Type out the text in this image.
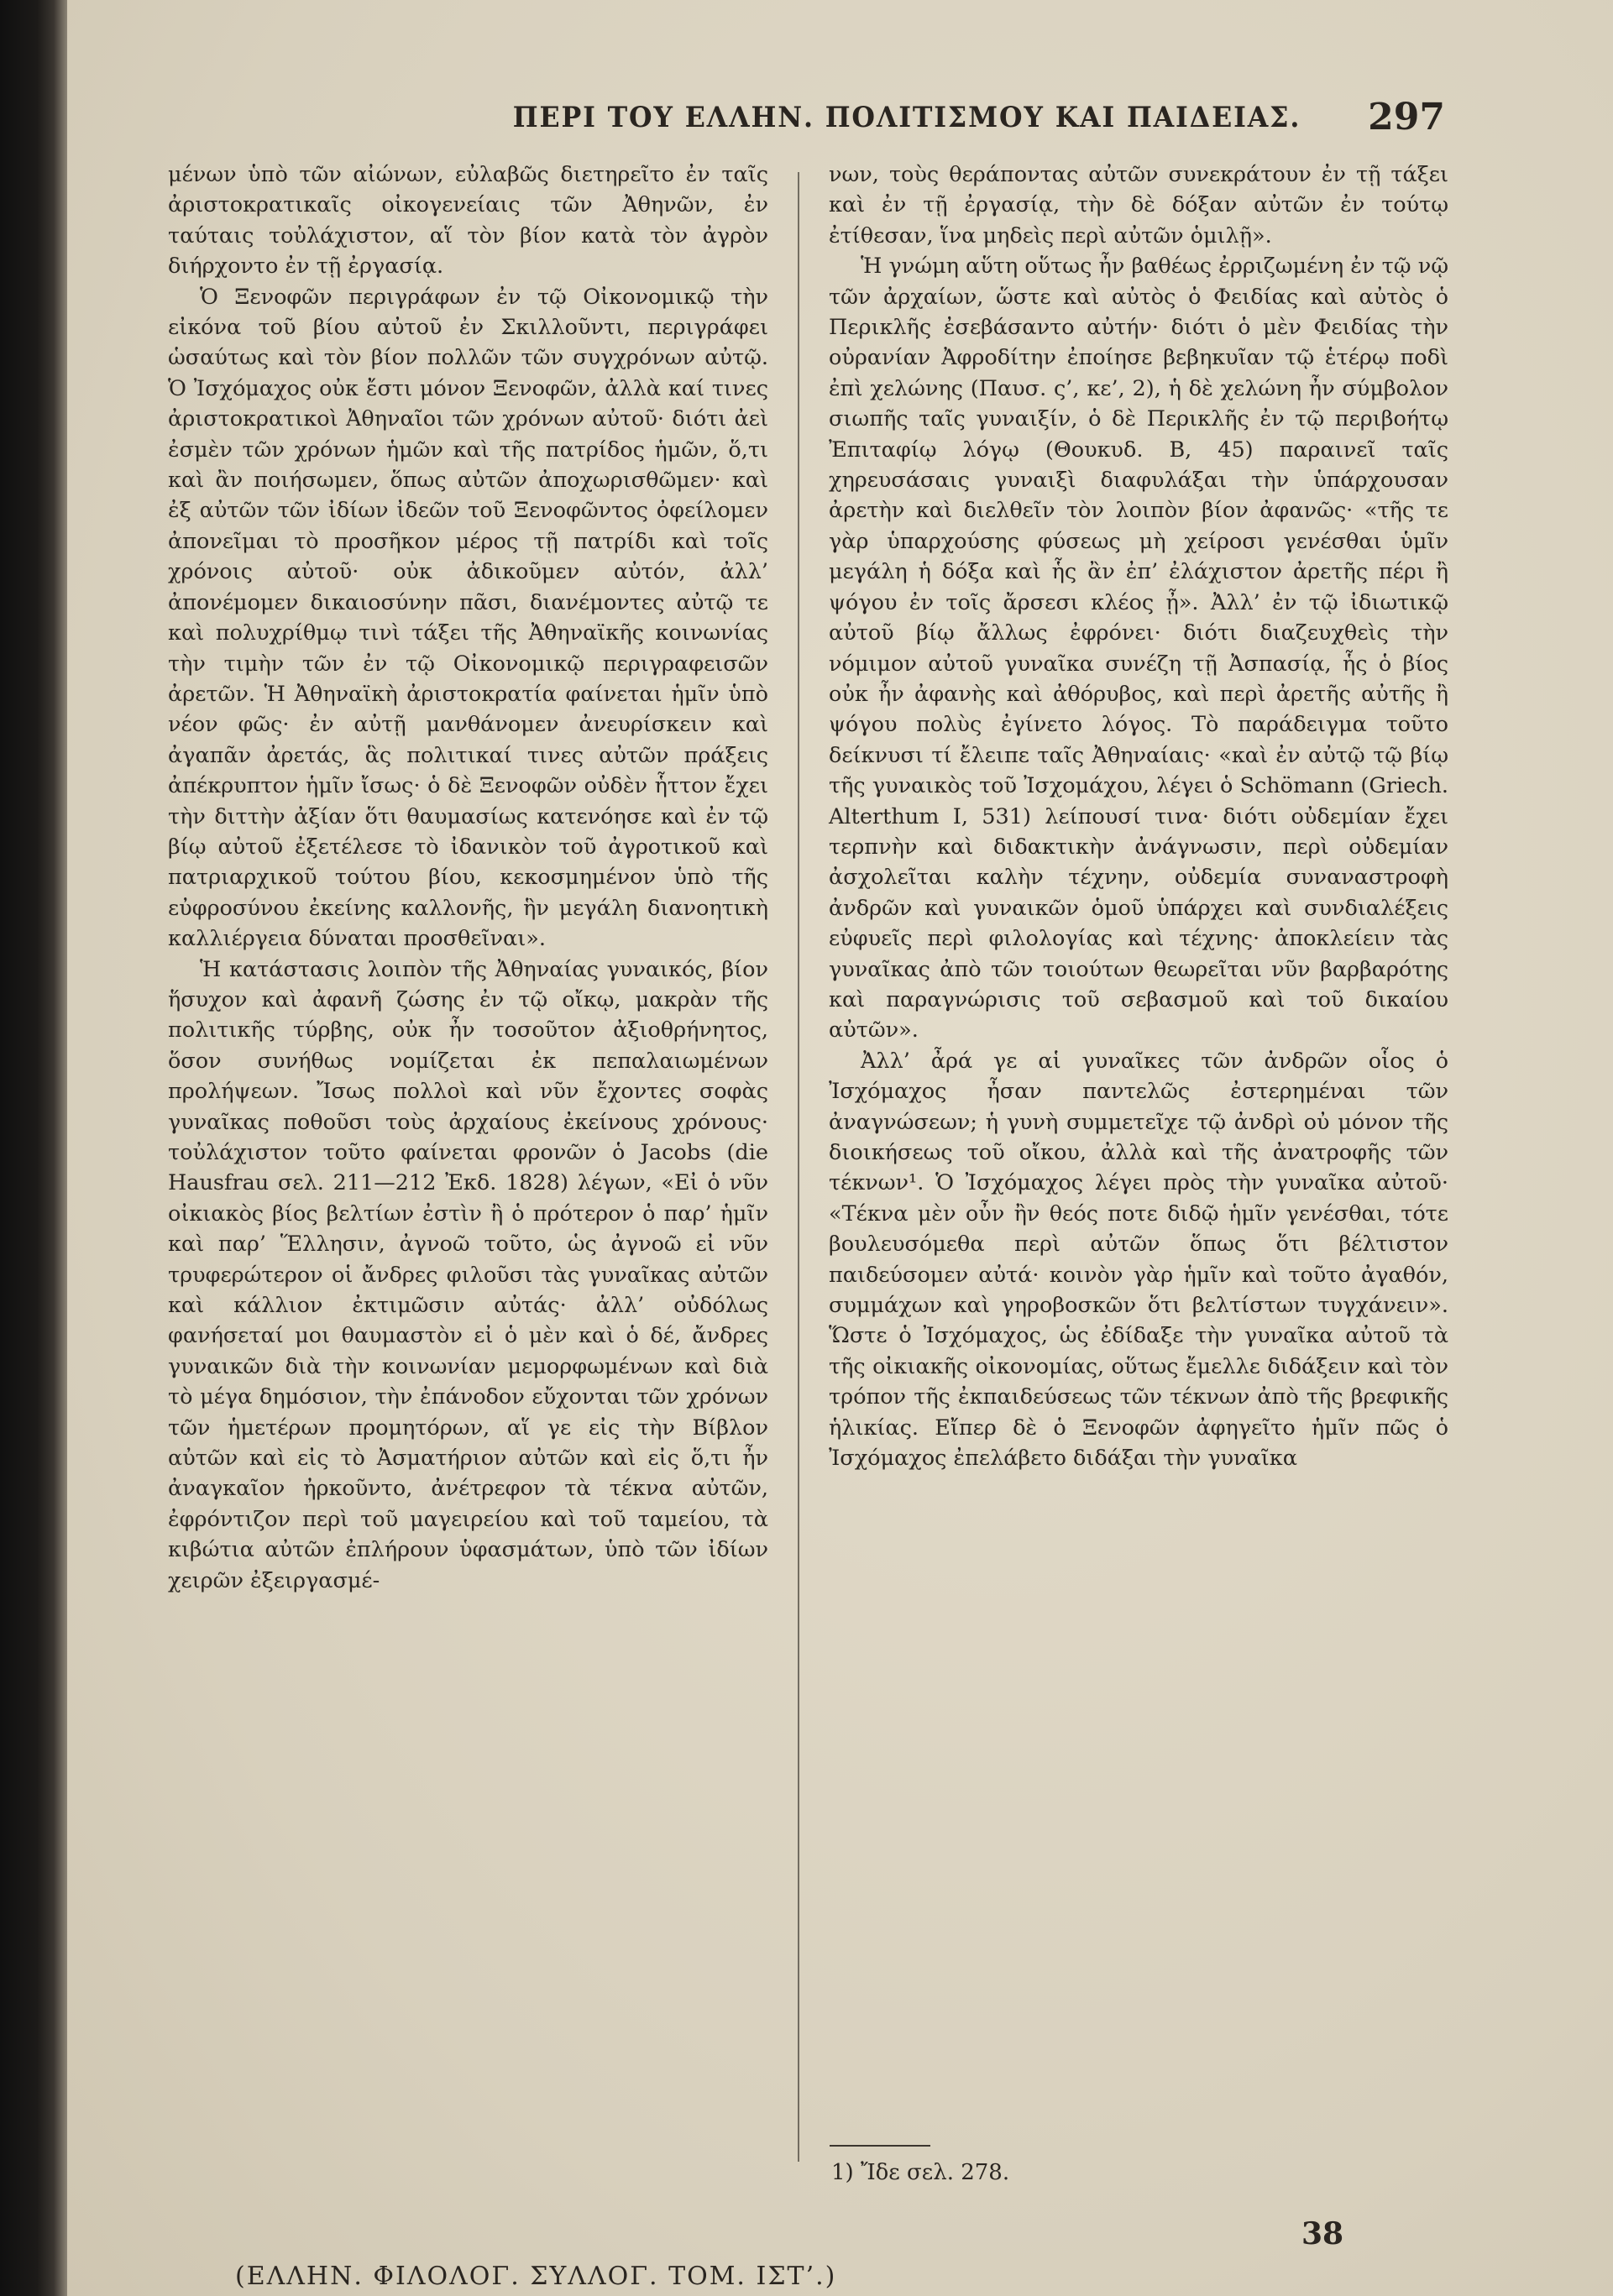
ΠΕΡΙ ΤΟΥ ΕΛΛΗΝ. ΠΟΛΙΤΙΣΜΟΥ ΚΑΙ ΠΑΙΔΕΙΑΣ.	297

μένων ὑπὸ τῶν αἰώνων, εὐλαβῶς διετηρεῖτο ἐν ταῖς ἀριστοκρατικαῖς οἰκογενείαις τῶν Ἀθηνῶν, ἐν ταύταις τοὐλάχιστον, αἵ τὸν βίον κατὰ τὸν ἀγρὸν διήρχοντο ἐν τῇ ἐργασίᾳ.

Ὁ Ξενοφῶν περιγράφων ἐν τῷ Οἰκονομικῷ τὴν εἰκόνα τοῦ βίου αὐτοῦ ἐν Σκιλλοῦντι, περιγράφει ὡσαύτως καὶ τὸν βίον πολλῶν τῶν συγχρόνων αὐτῷ. Ὁ Ἰσχόμαχος οὐκ ἔστι μόνον Ξενοφῶν, ἀλλὰ καί τινες ἀριστοκρατικοὶ Ἀθηναῖοι τῶν χρόνων αὐτοῦ· διότι ἀεὶ ἐσμὲν τῶν χρόνων ἡμῶν καὶ τῆς πατρίδος ἡμῶν, ὅ,τι καὶ ἂν ποιήσωμεν, ὅπως αὐτῶν ἀποχωρισθῶμεν· καὶ ἐξ αὐτῶν τῶν ἰδίων ἰδεῶν τοῦ Ξενοφῶντος ὀφείλομεν ἀπονεῖμαι τὸ προσῆκον μέρος τῇ πατρίδι καὶ τοῖς χρόνοις αὐτοῦ· οὐκ ἀδικοῦμεν αὐτόν, ἀλλ’ ἀπονέμομεν δικαιοσύνην πᾶσι, διανέμοντες αὐτῷ τε καὶ πολυχρίθμῳ τινὶ τάξει τῆς Ἀθηναϊκῆς κοινωνίας τὴν τιμὴν τῶν ἐν τῷ Οἰκονομικῷ περιγραφεισῶν ἀρετῶν. Ἡ Ἀθηναϊκὴ ἀριστοκρατία φαίνεται ἡμῖν ὑπὸ νέον φῶς· ἐν αὐτῇ μανθάνομεν ἀνευρίσκειν καὶ ἀγαπᾶν ἀρετάς, ἃς πολιτικαί τινες αὐτῶν πράξεις ἀπέκρυπτον ἡμῖν ἴσως· ὁ δὲ Ξενοφῶν οὐδὲν ἧττον ἔχει τὴν διττὴν ἀξίαν ὅτι θαυμασίως κατενόησε καὶ ἐν τῷ βίῳ αὐτοῦ ἐξετέλεσε τὸ ἰδανικὸν τοῦ ἀγροτικοῦ καὶ πατριαρχικοῦ τούτου βίου, κεκοσμημένον ὑπὸ τῆς εὐφροσύνου ἐκείνης καλλονῆς, ἣν μεγάλη διανοητικὴ καλλιέργεια δύναται προσθεῖναι».

Ἡ κατάστασις λοιπὸν τῆς Ἀθηναίας γυναικός, βίον ἥσυχον καὶ ἀφανῆ ζώσης ἐν τῷ οἴκῳ, μακρὰν τῆς πολιτικῆς τύρβης, οὐκ ἦν τοσοῦτον ἀξιοθρήνητος, ὅσον συνήθως νομίζεται ἐκ πεπαλαιωμένων προλήψεων. Ἴσως πολλοὶ καὶ νῦν ἔχοντες σοφὰς γυναῖκας ποθοῦσι τοὺς ἀρχαίους ἐκείνους χρόνους· τοὐλάχιστον τοῦτο φαίνεται φρονῶν ὁ Jacobs (die Hausfrau σελ. 211—212 Ἐκδ. 1828) λέγων, «Εἰ ὁ νῦν οἰκιακὸς βίος βελτίων ἐστὶν ἢ ὁ πρότερον ὁ παρ’ ἡμῖν καὶ παρ’ Ἕλλησιν, ἀγνοῶ τοῦτο, ὡς ἀγνοῶ εἰ νῦν τρυφερώτερον οἱ ἄνδρες φιλοῦσι τὰς γυναῖκας αὐτῶν καὶ κάλλιον ἐκτιμῶσιν αὐτάς· ἀλλ’ οὐδόλως φανήσεταί μοι θαυμαστὸν εἰ ὁ μὲν καὶ ὁ δέ, ἄνδρες γυναικῶν διὰ τὴν κοινωνίαν μεμορφωμένων καὶ διὰ τὸ μέγα δημόσιον, τὴν ἐπάνοδον εὔχονται τῶν χρόνων τῶν ἡμετέρων προμητόρων, αἵ γε εἰς τὴν Βίβλον αὐτῶν καὶ εἰς τὸ Ἀσματήριον αὐτῶν καὶ εἰς ὅ,τι ἦν ἀναγκαῖον ἠρκοῦντο, ἀνέτρεφον τὰ τέκνα αὐτῶν, ἐφρόντιζον περὶ τοῦ μαγειρείου καὶ τοῦ ταμείου, τὰ κιβώτια αὐτῶν ἐπλήρουν ὑφασμάτων, ὑπὸ τῶν ἰδίων χειρῶν ἐξειργασμέ-

νων, τοὺς θεράποντας αὐτῶν συνεκράτουν ἐν τῇ τάξει καὶ ἐν τῇ ἐργασίᾳ, τὴν δὲ δόξαν αὐτῶν ἐν τούτῳ ἐτίθεσαν, ἵνα μηδεὶς περὶ αὐτῶν ὁμιλῇ».

Ἡ γνώμη αὕτη οὕτως ἦν βαθέως ἐρριζωμένη ἐν τῷ νῷ τῶν ἀρχαίων, ὥστε καὶ αὐτὸς ὁ Φειδίας καὶ αὐτὸς ὁ Περικλῆς ἐσεβάσαντο αὐτήν· διότι ὁ μὲν Φειδίας τὴν οὐρανίαν Ἀφροδίτην ἐποίησε βεβηκυῖαν τῷ ἑτέρῳ ποδὶ ἐπὶ χελώνης (Παυσ. ς’, κε’, 2), ἡ δὲ χελώνη ἦν σύμβολον σιωπῆς ταῖς γυναιξίν, ὁ δὲ Περικλῆς ἐν τῷ περιβοήτῳ Ἐπιταφίῳ λόγῳ (Θουκυδ. Β, 45) παραινεῖ ταῖς χηρευσάσαις γυναιξὶ διαφυλάξαι τὴν ὑπάρχουσαν ἀρετὴν καὶ διελθεῖν τὸν λοιπὸν βίον ἀφανῶς· «τῆς τε γὰρ ὑπαρχούσης φύσεως μὴ χείροσι γενέσθαι ὑμῖν μεγάλη ἡ δόξα καὶ ἧς ἂν ἐπ’ ἐλάχιστον ἀρετῆς πέρι ἢ ψόγου ἐν τοῖς ἄρσεσι κλέος ᾖ». Ἀλλ’ ἐν τῷ ἰδιωτικῷ αὐτοῦ βίῳ ἄλλως ἐφρόνει· διότι διαζευχθεὶς τὴν νόμιμον αὐτοῦ γυναῖκα συνέζη τῇ Ἀσπασίᾳ, ἧς ὁ βίος οὐκ ἦν ἀφανὴς καὶ ἀθόρυβος, καὶ περὶ ἀρετῆς αὐτῆς ἢ ψόγου πολὺς ἐγίνετο λόγος. Τὸ παράδειγμα τοῦτο δείκνυσι τί ἔλειπε ταῖς Ἀθηναίαις· «καὶ ἐν αὐτῷ τῷ βίῳ τῆς γυναικὸς τοῦ Ἰσχομάχου, λέγει ὁ Schömann (Griech. Alterthum I, 531) λείπουσί τινα· διότι οὐδεμίαν ἔχει τερπνὴν καὶ διδακτικὴν ἀνάγνωσιν, περὶ οὐδεμίαν ἀσχολεῖται καλὴν τέχνην, οὐδεμία συναναστροφὴ ἀνδρῶν καὶ γυναικῶν ὁμοῦ ὑπάρχει καὶ συνδιαλέξεις εὐφυεῖς περὶ φιλολογίας καὶ τέχνης· ἀποκλείειν τὰς γυναῖκας ἀπὸ τῶν τοιούτων θεωρεῖται νῦν βαρβαρότης καὶ παραγνώρισις τοῦ σεβασμοῦ καὶ τοῦ δικαίου αὐτῶν».

Ἀλλ’ ἆρά γε αἱ γυναῖκες τῶν ἀνδρῶν οἷος ὁ Ἰσχόμαχος ἦσαν παντελῶς ἐστερημέναι τῶν ἀναγνώσεων; ἡ γυνὴ συμμετεῖχε τῷ ἀνδρὶ οὐ μόνον τῆς διοικήσεως τοῦ οἴκου, ἀλλὰ καὶ τῆς ἀνατροφῆς τῶν τέκνων¹. Ὁ Ἰσχόμαχος λέγει πρὸς τὴν γυναῖκα αὐτοῦ· «Τέκνα μὲν οὖν ἢν θεός ποτε διδῷ ἡμῖν γενέσθαι, τότε βουλευσόμεθα περὶ αὐτῶν ὅπως ὅτι βέλτιστον παιδεύσομεν αὐτά· κοινὸν γὰρ ἡμῖν καὶ τοῦτο ἀγαθόν, συμμάχων καὶ γηροβοσκῶν ὅτι βελτίστων τυγχάνειν». Ὥστε ὁ Ἰσχόμαχος, ὡς ἐδίδαξε τὴν γυναῖκα αὐτοῦ τὰ τῆς οἰκιακῆς οἰκονομίας, οὕτως ἔμελλε διδάξειν καὶ τὸν τρόπον τῆς ἐκπαιδεύσεως τῶν τέκνων ἀπὸ τῆς βρεφικῆς ἡλικίας. Εἴπερ δὲ ὁ Ξενοφῶν ἀφηγεῖτο ἡμῖν πῶς ὁ Ἰσχόμαχος ἐπελάβετο διδάξαι τὴν γυναῖκα

1) Ἴδε σελ. 278.
38
(ΕΛΛΗΝ. ΦΙΛΟΛΟΓ. ΣΥΛΛΟΓ. ΤΟΜ. ΙΣΤ’.)
